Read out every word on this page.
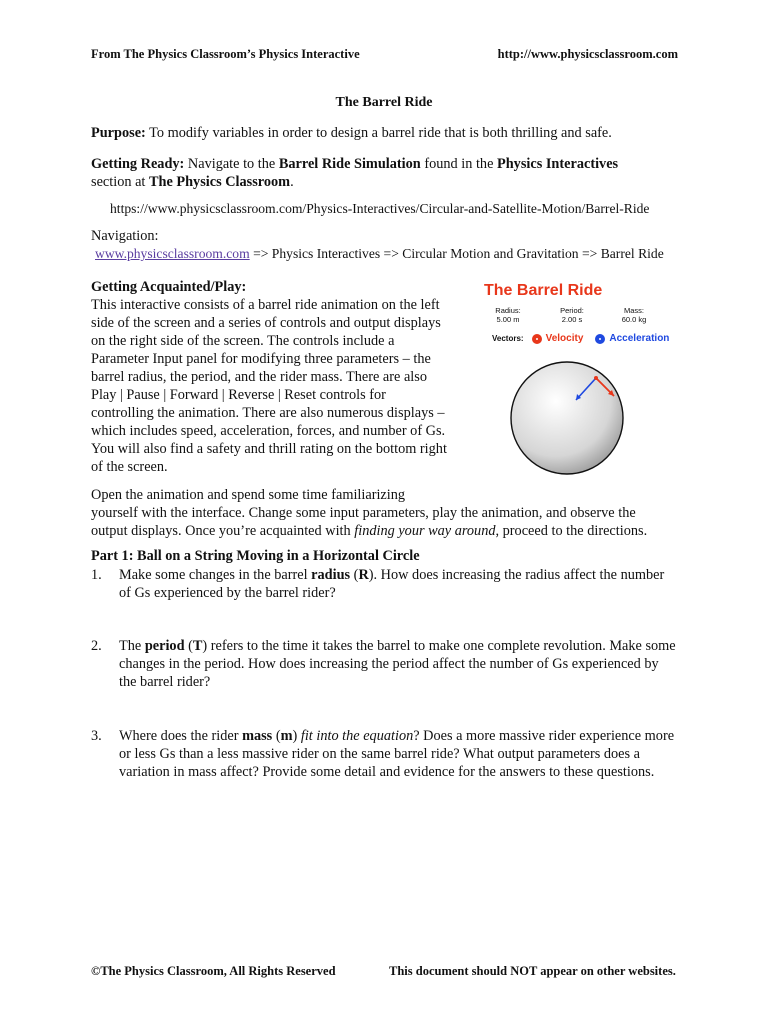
From The Physics Classroom’s Physics Interactive	http://www.physicsclassroom.com
The Barrel Ride
Purpose: To modify variables in order to design a barrel ride that is both thrilling and safe.
Getting Ready: Navigate to the Barrel Ride Simulation found in the Physics Interactives
section at The Physics Classroom.
https://www.physicsclassroom.com/Physics-Interactives/Circular-and-Satellite-Motion/Barrel-Ride
Navigation:
www.physicsclassroom.com => Physics Interactives => Circular Motion and Gravitation => Barrel Ride
Getting Acquainted/Play:
This interactive consists of a barrel ride animation on the left
side of the screen and a series of controls and output displays
on the right side of the screen. The controls include a
Parameter Input panel for modifying three parameters – the
barrel radius, the period, and the rider mass. There are also
Play | Pause | Forward | Reverse | Reset controls for
controlling the animation. There are also numerous displays –
which includes speed, acceleration, forces, and number of Gs.
You will also find a safety and thrill rating on the bottom right
of the screen.
The Barrel Ride
Radius:
5.00 m
Period:
2.00 s
Mass:
60.0 kg
Vectors: Velocity	Acceleration
Open the animation and spend some time familiarizing
yourself with the interface. Change some input parameters, play the animation, and observe the
output displays. Once you’re acquainted with finding your way around, proceed to the directions.
Part 1: Ball on a String Moving in a Horizontal Circle
1. Make some changes in the barrel radius (R). How does increasing the radius affect the number of Gs experienced by the barrel rider?
2. The period (T) refers to the time it takes the barrel to make one complete revolution. Make some changes in the period. How does increasing the period affect the number of Gs experienced by the barrel rider?
3. Where does the rider mass (m) fit into the equation? Does a more massive rider experience more or less Gs than a less massive rider on the same barrel ride? What output parameters does a variation in mass affect? Provide some detail and evidence for the answers to these questions.
©The Physics Classroom, All Rights Reserved	This document should NOT appear on other websites.
